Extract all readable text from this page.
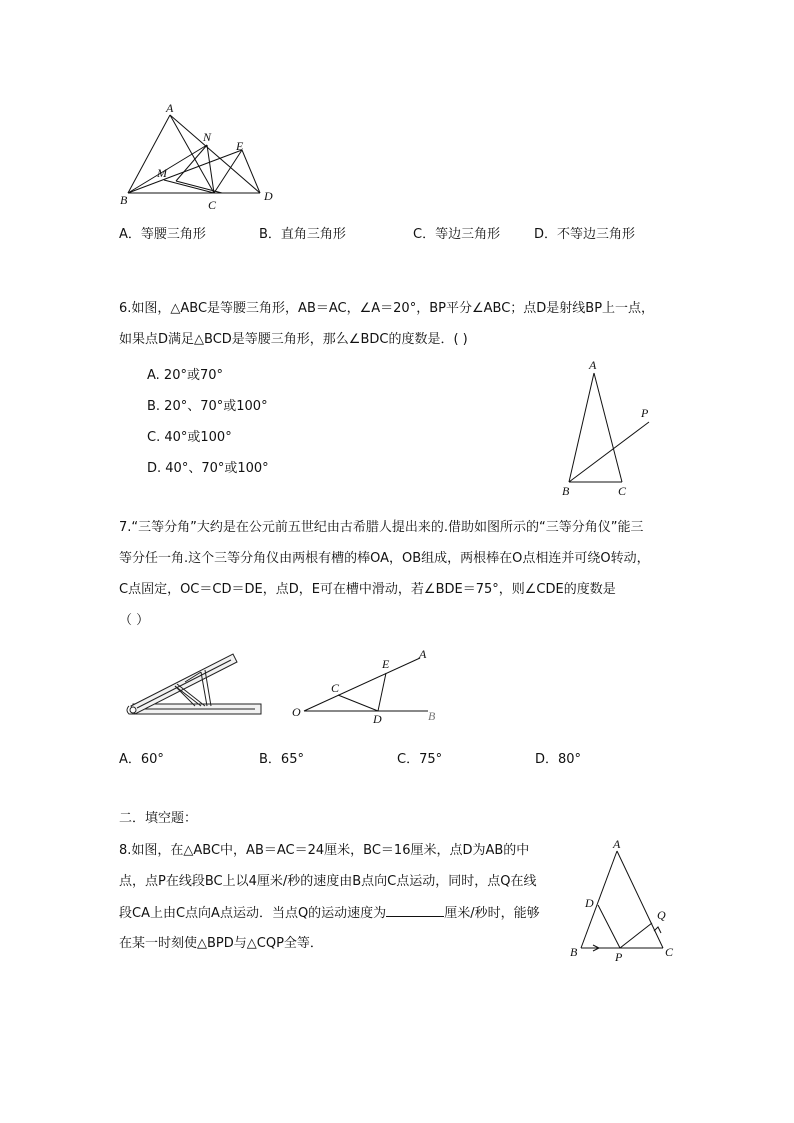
A
N
E
M
B	C
D
A．等腰三角形	B．直角三角形	C．等边三角形	D．不等边三角形
6.如图，△ABC是等腰三角形，AB＝AC，∠A＝20°，BP平分∠ABC；点D是射线BP上一点，
如果点D满足△BCD是等腰三角形，那么∠BDC的度数是．( )
A. 20°或70°
B. 20°、70°或100°
C. 40°或100°
D. 40°、70°或100°
A
P
B	C
7.“三等分角”大约是在公元前五世纪由古希腊人提出来的.借助如图所示的“三等分角仪”能三
等分任一角.这个三等分角仪由两根有槽的棒OA，OB组成，两根棒在O点相连并可绕O转动，
C点固定，OC＝CD＝DE，点D，E可在槽中滑动，若∠BDE＝75°，则∠CDE的度数是
（ ）
E
A
C
O	D	B
A．60°	B．65°	C．75°	D．80°
二．填空题：
8.如图，在△ABC中，AB＝AC＝24厘米，BC＝16厘米，点D为AB的中
点，点P在线段BC上以4厘米/秒的速度由B点向C点运动，同时，点Q在线
段CA上由C点向A点运动．当点Q的运动速度为	厘米/秒时，能够
在某一时刻使△BPD与△CQP全等．
A
D
Q
B	P	C
